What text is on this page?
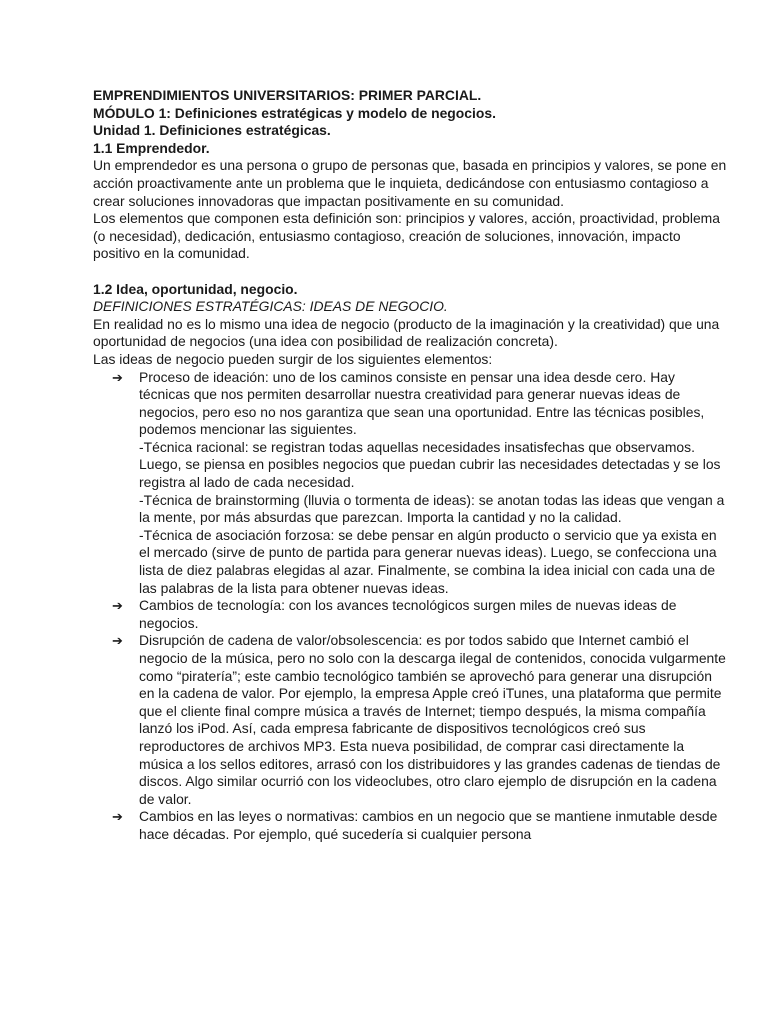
EMPRENDIMIENTOS UNIVERSITARIOS: PRIMER PARCIAL.

MÓDULO 1: Definiciones estratégicas y modelo de negocios.

Unidad 1. Definiciones estratégicas.

1.1 Emprendedor.

Un emprendedor es una persona o grupo de personas que, basada en principios y valores, se pone en acción proactivamente ante un problema que le inquieta, dedicándose con entusiasmo contagioso a crear soluciones innovadoras que impactan positivamente en su comunidad.

Los elementos que componen esta definición son: principios y valores, acción, proactividad, problema (o necesidad), dedicación, entusiasmo contagioso, creación de soluciones, innovación, impacto positivo en la comunidad.

1.2 Idea, oportunidad, negocio.

DEFINICIONES ESTRATÉGICAS: IDEAS DE NEGOCIO.

En realidad no es lo mismo una idea de negocio (producto de la imaginación y la creatividad) que una oportunidad de negocios (una idea con posibilidad de realización concreta).

Las ideas de negocio pueden surgir de los siguientes elementos:

➔ Proceso de ideación: uno de los caminos consiste en pensar una idea desde cero. Hay técnicas que nos permiten desarrollar nuestra creatividad para generar nuevas ideas de negocios, pero eso no nos garantiza que sean una oportunidad. Entre las técnicas posibles, podemos mencionar las siguientes.
-Técnica racional: se registran todas aquellas necesidades insatisfechas que observamos. Luego, se piensa en posibles negocios que puedan cubrir las necesidades detectadas y se los registra al lado de cada necesidad.
-Técnica de brainstorming (lluvia o tormenta de ideas): se anotan todas las ideas que vengan a la mente, por más absurdas que parezcan. Importa la cantidad y no la calidad.
-Técnica de asociación forzosa: se debe pensar en algún producto o servicio que ya exista en el mercado (sirve de punto de partida para generar nuevas ideas). Luego, se confecciona una lista de diez palabras elegidas al azar. Finalmente, se combina la idea inicial con cada una de las palabras de la lista para obtener nuevas ideas.
➔ Cambios de tecnología: con los avances tecnológicos surgen miles de nuevas ideas de negocios.
➔ Disrupción de cadena de valor/obsolescencia: es por todos sabido que Internet cambió el negocio de la música, pero no solo con la descarga ilegal de contenidos, conocida vulgarmente como “piratería”; este cambio tecnológico también se aprovechó para generar una disrupción en la cadena de valor. Por ejemplo, la empresa Apple creó iTunes, una plataforma que permite que el cliente final compre música a través de Internet; tiempo después, la misma compañía lanzó los iPod. Así, cada empresa fabricante de dispositivos tecnológicos creó sus reproductores de archivos MP3. Esta nueva posibilidad, de comprar casi directamente la música a los sellos editores, arrasó con los distribuidores y las grandes cadenas de tiendas de discos. Algo similar ocurrió con los videoclubes, otro claro ejemplo de disrupción en la cadena de valor.
➔ Cambios en las leyes o normativas: cambios en un negocio que se mantiene inmutable desde hace décadas. Por ejemplo, qué sucedería si cualquier persona
